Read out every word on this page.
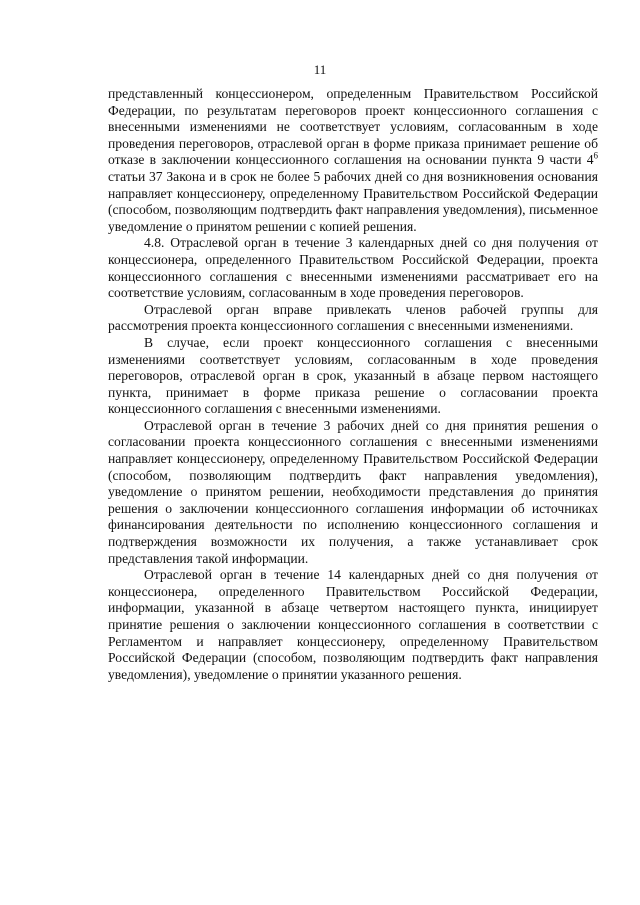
11

представленный концессионером, определенным Правительством Российской Федерации, по результатам переговоров проект концессионного соглашения с внесенными изменениями не соответствует условиям, согласованным в ходе проведения переговоров, отраслевой орган в форме приказа принимает решение об отказе в заключении концессионного соглашения на основании пункта 9 части $4^6$ статьи 37 Закона и в срок не более 5 рабочих дней со дня возникновения основания направляет концессионеру, определенному Правительством Российской Федерации (способом, позволяющим подтвердить факт направления уведомления), письменное уведомление о принятом решении с копией решения.

4.8. Отраслевой орган в течение 3 календарных дней со дня получения от концессионера, определенного Правительством Российской Федерации, проекта концессионного соглашения с внесенными изменениями рассматривает его на соответствие условиям, согласованным в ходе проведения переговоров.

Отраслевой орган вправе привлекать членов рабочей группы для рассмотрения проекта концессионного соглашения с внесенными изменениями.

В случае, если проект концессионного соглашения с внесенными изменениями соответствует условиям, согласованным в ходе проведения переговоров, отраслевой орган в срок, указанный в абзаце первом настоящего пункта, принимает в форме приказа решение о согласовании проекта концессионного соглашения с внесенными изменениями.

Отраслевой орган в течение 3 рабочих дней со дня принятия решения о согласовании проекта концессионного соглашения с внесенными изменениями направляет концессионеру, определенному Правительством Российской Федерации (способом, позволяющим подтвердить факт направления уведомления), уведомление о принятом решении, необходимости представления до принятия решения о заключении концессионного соглашения информации об источниках финансирования деятельности по исполнению концессионного соглашения и подтверждения возможности их получения, а также устанавливает срок представления такой информации.

Отраслевой орган в течение 14 календарных дней со дня получения от концессионера, определенного Правительством Российской Федерации, информации, указанной в абзаце четвертом настоящего пункта, инициирует принятие решения о заключении концессионного соглашения в соответствии с Регламентом и направляет концессионеру, определенному Правительством Российской Федерации (способом, позволяющим подтвердить факт направления уведомления), уведомление о принятии указанного решения.
